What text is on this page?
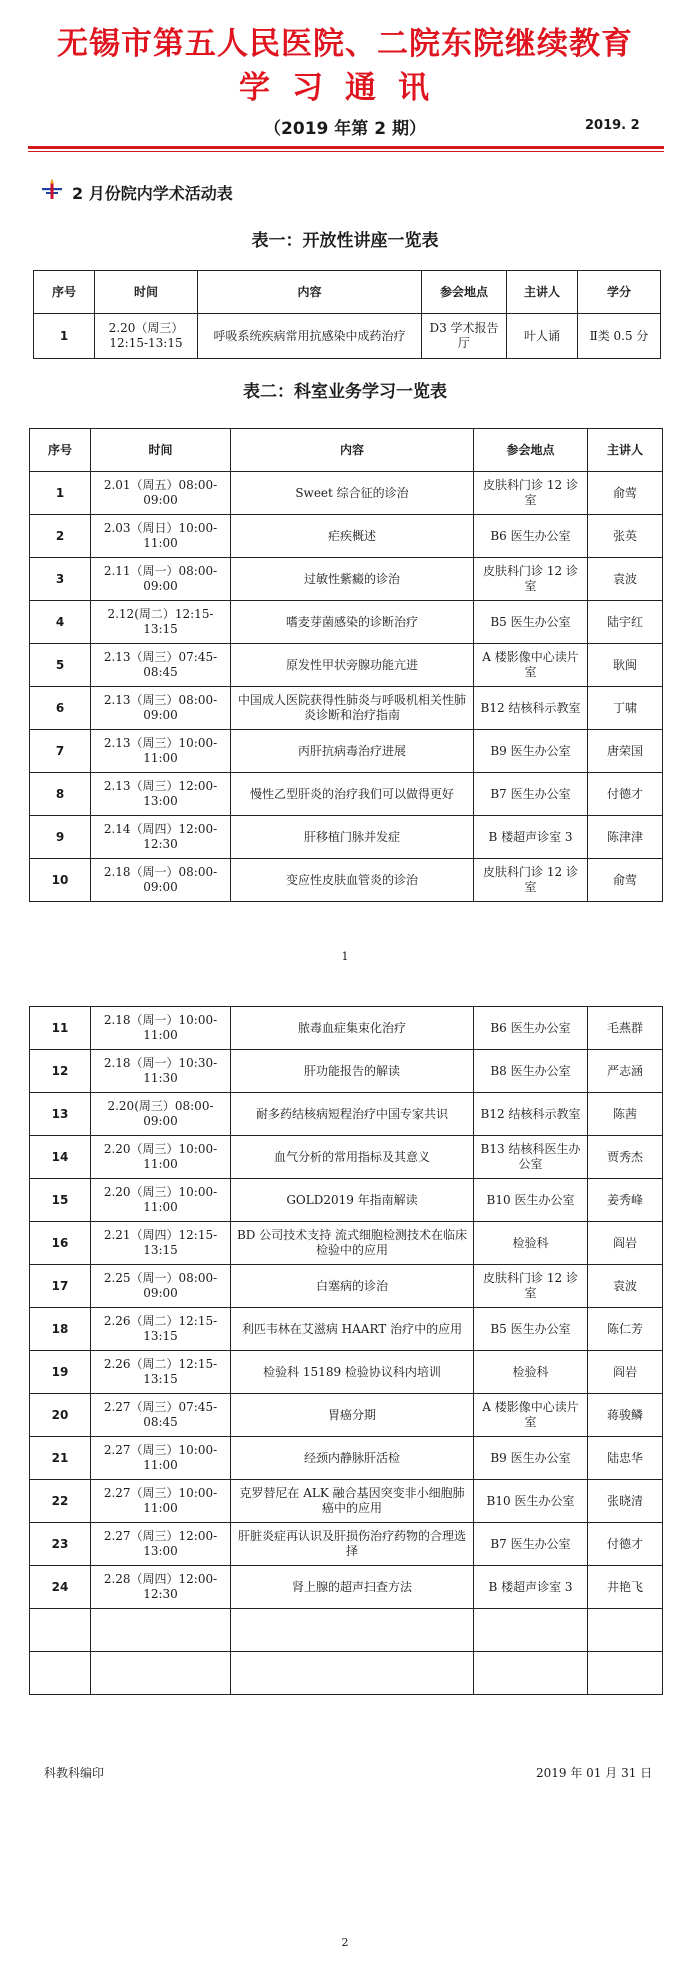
无锡市第五人民医院、二院东院继续教育
学习通讯
（2019 年第 2 期）	2019. 2
2 月份院内学术活动表
表一：开放性讲座一览表
序号	时间	内容	参会地点	主讲人	学分
1	2.20（周三）12:15-13:15	呼吸系统疾病常用抗感染中成药治疗	D3 学术报告厅	叶人诵	Ⅱ类 0.5 分
表二：科室业务学习一览表
序号	时间	内容	参会地点	主讲人
1	2.01（周五）08:00-09:00	Sweet 综合征的诊治	皮肤科门诊 12 诊室	俞莺
2	2.03（周日）10:00-11:00	疟疾概述	B6 医生办公室	张英
3	2.11（周一）08:00-09:00	过敏性紫癜的诊治	皮肤科门诊 12 诊室	袁波
4	2.12(周二）12:15-13:15	嗜麦芽菌感染的诊断治疗	B5 医生办公室	陆宇红
5	2.13（周三）07:45-08:45	原发性甲状旁腺功能亢进	A 楼影像中心读片室	耿闽
6	2.13（周三）08:00-09:00	中国成人医院获得性肺炎与呼吸机相关性肺炎诊断和治疗指南	B12 结核科示教室	丁啸
7	2.13（周三）10:00-11:00	丙肝抗病毒治疗进展	B9 医生办公室	唐荣国
8	2.13（周三）12:00-13:00	慢性乙型肝炎的治疗我们可以做得更好	B7 医生办公室	付德才
9	2.14（周四）12:00-12:30	肝移植门脉并发症	B 楼超声诊室 3	陈津津
10	2.18（周一）08:00-09:00	变应性皮肤血管炎的诊治	皮肤科门诊 12 诊室	俞莺
1
11	2.18（周一）10:00-11:00	脓毒血症集束化治疗	B6 医生办公室	毛燕群
12	2.18（周一）10:30-11:30	肝功能报告的解读	B8 医生办公室	严志涵
13	2.20(周三）08:00-09:00	耐多药结核病短程治疗中国专家共识	B12 结核科示教室	陈茜
14	2.20（周三）10:00-11:00	血气分析的常用指标及其意义	B13 结核科医生办公室	贾秀杰
15	2.20（周三）10:00-11:00	GOLD2019 年指南解读	B10 医生办公室	姜秀峰
16	2.21（周四）12:15-13:15	BD 公司技术支持 流式细胞检测技术在临床检验中的应用	检验科	阎岩
17	2.25（周一）08:00-09:00	白塞病的诊治	皮肤科门诊 12 诊室	袁波
18	2.26（周二）12:15-13:15	利匹韦林在艾滋病 HAART 治疗中的应用	B5 医生办公室	陈仁芳
19	2.26（周二）12:15-13:15	检验科 15189 检验协议科内培训	检验科	阎岩
20	2.27（周三）07:45-08:45	胃癌分期	A 楼影像中心读片室	蒋骏鳞
21	2.27（周三）10:00-11:00	经颈内静脉肝活检	B9 医生办公室	陆忠华
22	2.27（周三）10:00-11:00	克罗替尼在 ALK 融合基因突变非小细胞肺癌中的应用	B10 医生办公室	张晓清
23	2.27（周三）12:00-13:00	肝脏炎症再认识及肝损伤治疗药物的合理选择	B7 医生办公室	付德才
24	2.28（周四）12:00-12:30	肾上腺的超声扫查方法	B 楼超声诊室 3	井艳飞

科教科编印	2019 年 01 月 31 日
2
